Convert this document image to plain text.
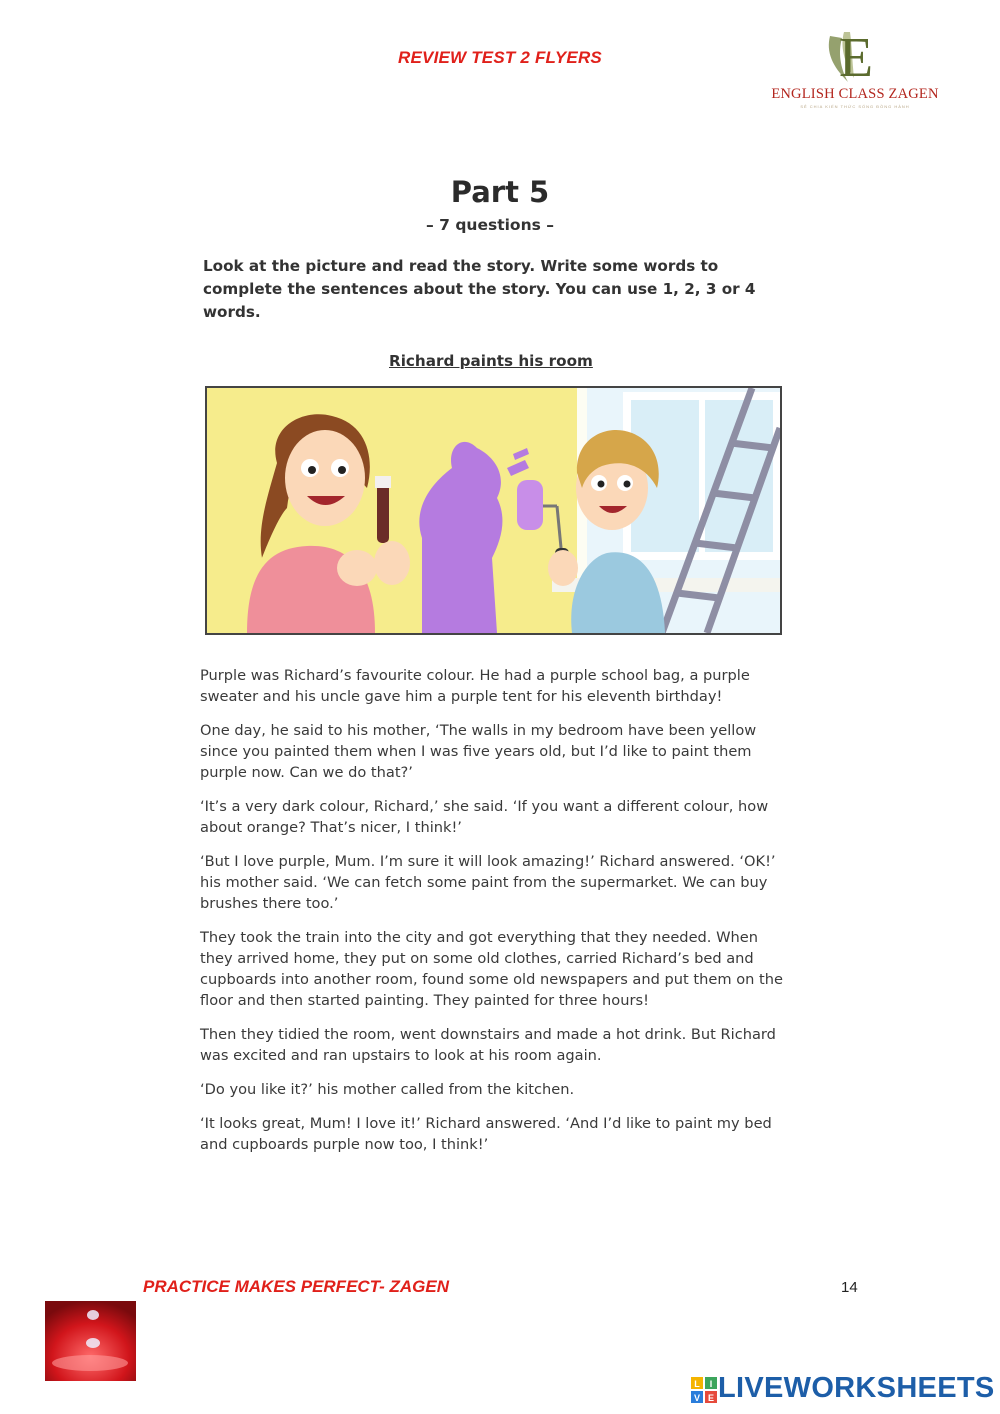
REVIEW TEST 2 FLYERS	E
ENGLISH CLASS ZAGEN
SẺ CHIA KIẾN THỨC SỐNG ĐỒNG HÀNH
Part 5
– 7 questions –
Look at the picture and read the story. Write some words to complete the sentences about the story. You can use 1, 2, 3 or 4 words.
Richard paints his room

Purple was Richard’s favourite colour. He had a purple school bag, a purple sweater and his uncle gave him a purple tent for his eleventh birthday!

One day, he said to his mother, ‘The walls in my bedroom have been yellow since you painted them when I was five years old, but I’d like to paint them purple now. Can we do that?’

‘It’s a very dark colour, Richard,’ she said. ‘If you want a different colour, how about orange? That’s nicer, I think!’

‘But I love purple, Mum. I’m sure it will look amazing!’ Richard answered. ‘OK!’ his mother said. ‘We can fetch some paint from the supermarket. We can buy brushes there too.’

They took the train into the city and got everything that they needed. When they arrived home, they put on some old clothes, carried Richard’s bed and cupboards into another room, found some old newspapers and put them on the floor and then started painting. They painted for three hours!

Then they tidied the room, went downstairs and made a hot drink. But Richard was excited and ran upstairs to look at his room again.

‘Do you like it?’ his mother called from the kitchen.

‘It looks great, Mum! I love it!’ Richard answered. ‘And I’d like to paint my bed and cupboards purple now too, I think!’

PRACTICE MAKES PERFECT- ZAGEN	14
L I
V E LIVEWORKSHEETS
